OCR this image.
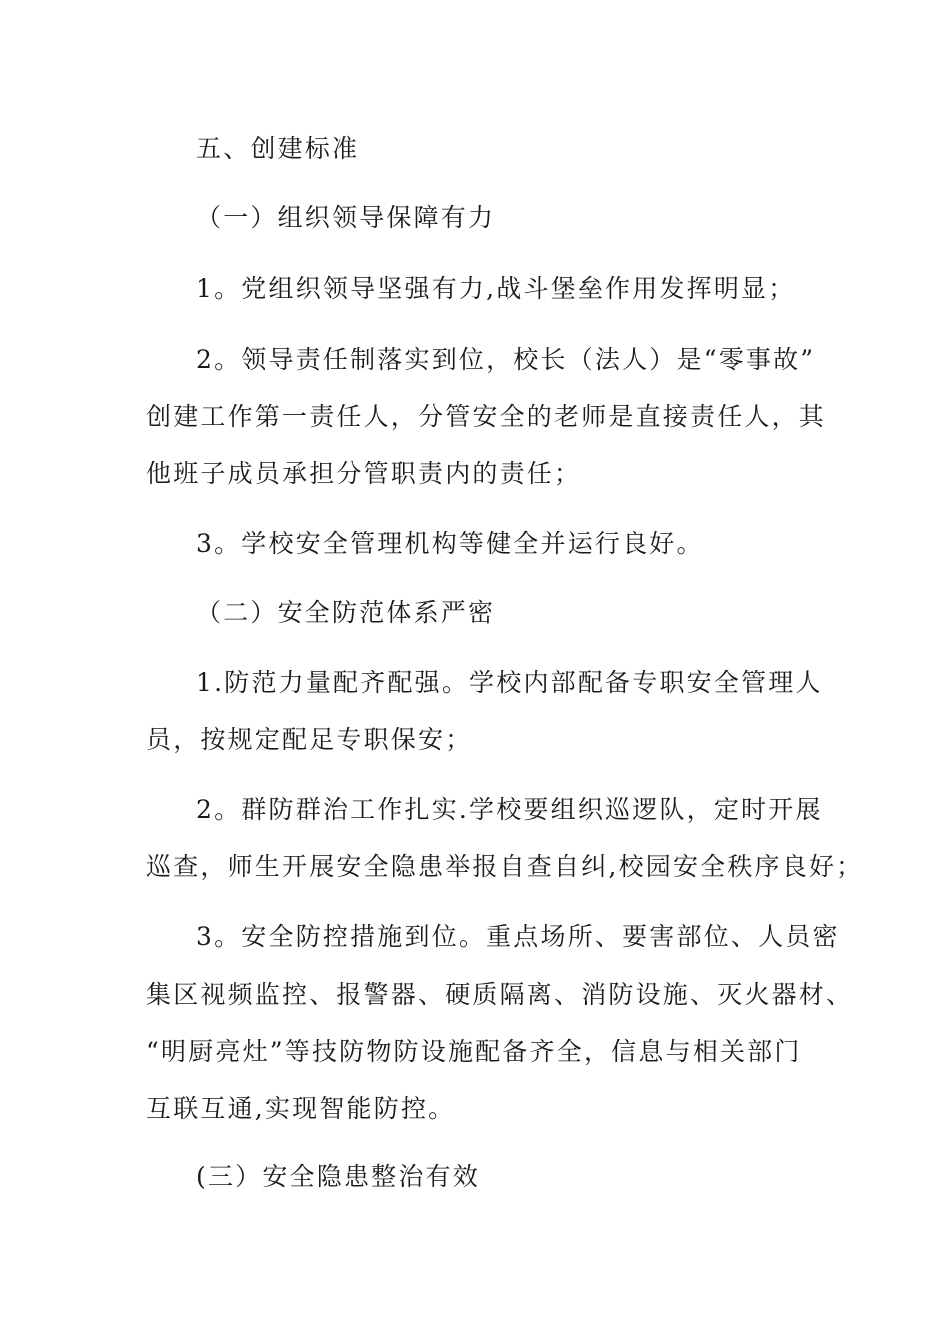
五、创建标准
（一）组织领导保障有力
1。党组织领导坚强有力,战斗堡垒作用发挥明显；
2。领导责任制落实到位，校长（法人）是“零事故”
创建工作第一责任人，分管安全的老师是直接责任人，其
他班子成员承担分管职责内的责任；
3。学校安全管理机构等健全并运行良好。
（二）安全防范体系严密
1.防范力量配齐配强。学校内部配备专职安全管理人
员，按规定配足专职保安；
2。群防群治工作扎实.学校要组织巡逻队，定时开展
巡查，师生开展安全隐患举报自查自纠,校园安全秩序良好；
3。安全防控措施到位。重点场所、要害部位、人员密
集区视频监控、报警器、硬质隔离、消防设施、灭火器材、
“明厨亮灶”等技防物防设施配备齐全，信息与相关部门
互联互通,实现智能防控。
(三）安全隐患整治有效
